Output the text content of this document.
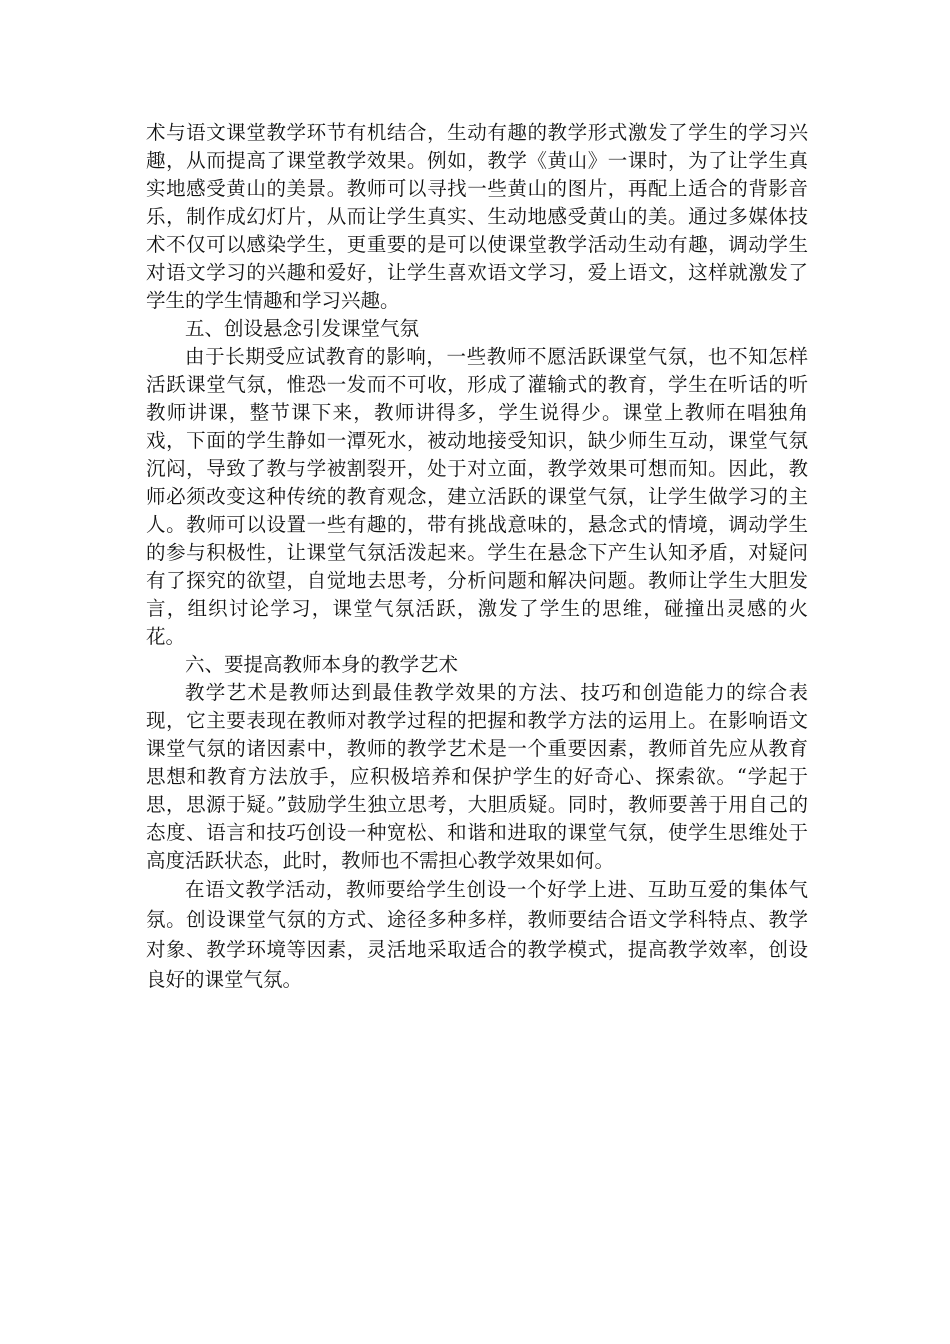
术与语文课堂教学环节有机结合，生动有趣的教学形式激发了学生的学习兴趣，从而提高了课堂教学效果。例如，教学《黄山》一课时，为了让学生真实地感受黄山的美景。教师可以寻找一些黄山的图片，再配上适合的背影音乐，制作成幻灯片，从而让学生真实、生动地感受黄山的美。通过多媒体技术不仅可以感染学生，更重要的是可以使课堂教学活动生动有趣，调动学生对语文学习的兴趣和爱好，让学生喜欢语文学习，爱上语文，这样就激发了学生的学生情趣和学习兴趣。

五、创设悬念引发课堂气氛

由于长期受应试教育的影响，一些教师不愿活跃课堂气氛，也不知怎样活跃课堂气氛，惟恐一发而不可收，形成了灌输式的教育，学生在听话的听教师讲课，整节课下来，教师讲得多，学生说得少。课堂上教师在唱独角戏，下面的学生静如一潭死水，被动地接受知识，缺少师生互动，课堂气氛沉闷，导致了教与学被割裂开，处于对立面，教学效果可想而知。因此，教师必须改变这种传统的教育观念，建立活跃的课堂气氛，让学生做学习的主人。教师可以设置一些有趣的，带有挑战意味的，悬念式的情境，调动学生的参与积极性，让课堂气氛活泼起来。学生在悬念下产生认知矛盾，对疑问有了探究的欲望，自觉地去思考，分析问题和解决问题。教师让学生大胆发言，组织讨论学习，课堂气氛活跃，激发了学生的思维，碰撞出灵感的火花。

六、要提高教师本身的教学艺术

教学艺术是教师达到最佳教学效果的方法、技巧和创造能力的综合表现，它主要表现在教师对教学过程的把握和教学方法的运用上。在影响语文课堂气氛的诸因素中，教师的教学艺术是一个重要因素，教师首先应从教育思想和教育方法放手，应积极培养和保护学生的好奇心、探索欲。“学起于思，思源于疑。”鼓励学生独立思考，大胆质疑。同时，教师要善于用自己的态度、语言和技巧创设一种宽松、和谐和进取的课堂气氛，使学生思维处于高度活跃状态，此时，教师也不需担心教学效果如何。

在语文教学活动，教师要给学生创设一个好学上进、互助互爱的集体气氛。创设课堂气氛的方式、途径多种多样，教师要结合语文学科特点、教学对象、教学环境等因素，灵活地采取适合的教学模式，提高教学效率，创设良好的课堂气氛。
